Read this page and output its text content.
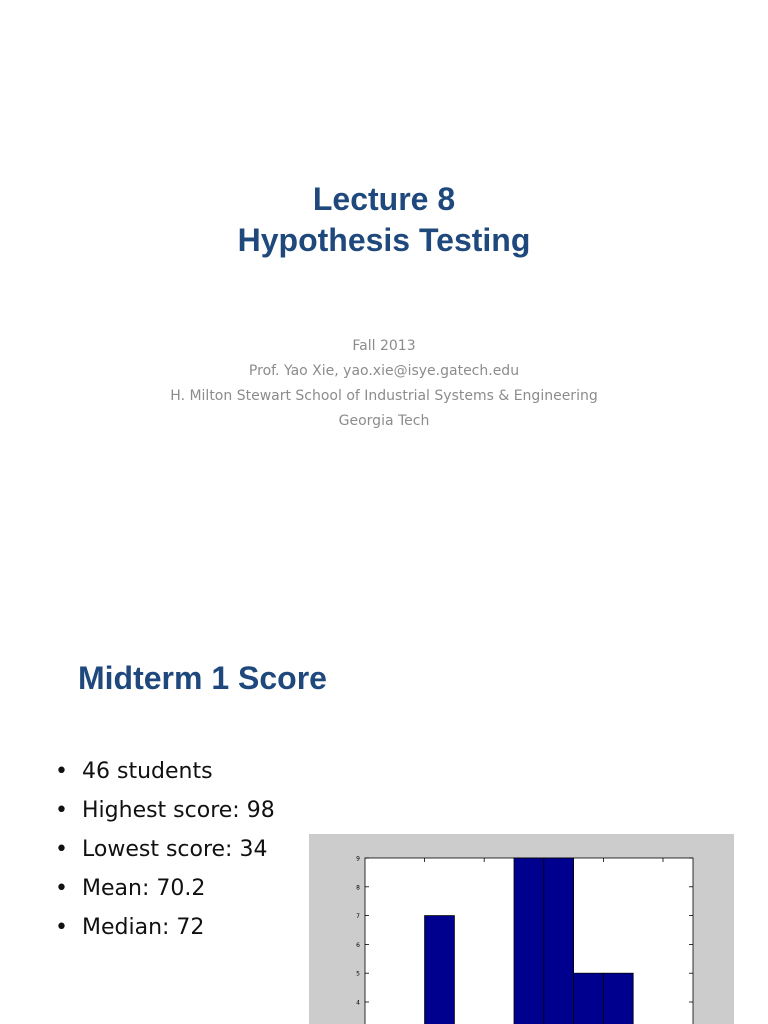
Lecture 8
Hypothesis Testing
Fall 2013
Prof. Yao Xie, yao.xie@isye.gatech.edu
H. Milton Stewart School of Industrial Systems & Engineering
Georgia Tech
Midterm 1 Score
• 46 students
• Highest score: 98
• Lowest score: 34
• Mean: 70.2
• Median: 72
4
5
6
7
8
9
